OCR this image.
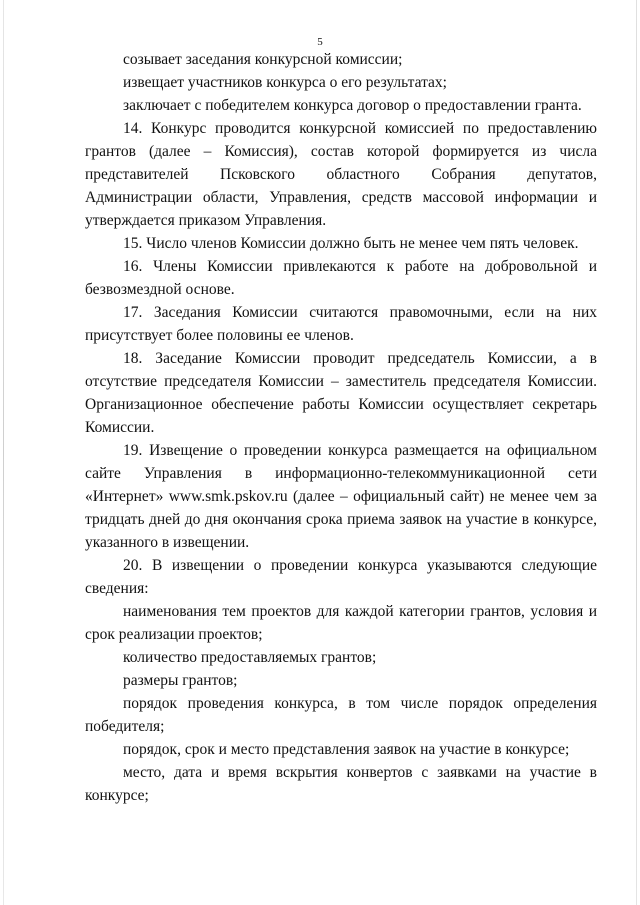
5

созывает заседания конкурсной комиссии;

извещает участников конкурса о его результатах;

заключает с победителем конкурса договор о предоставлении гранта.

14. Конкурс проводится конкурсной комиссией по предоставлению грантов (далее – Комиссия), состав которой формируется из числа представителей Псковского областного Собрания депутатов, Администрации области, Управления, средств массовой информации и утверждается приказом Управления.

15. Число членов Комиссии должно быть не менее чем пять человек.

16. Члены Комиссии привлекаются к работе на добровольной и безвозмездной основе.

17. Заседания Комиссии считаются правомочными, если на них присутствует более половины ее членов.

18. Заседание Комиссии проводит председатель Комиссии, а в отсутствие председателя Комиссии – заместитель председателя Комиссии. Организационное обеспечение работы Комиссии осуществляет секретарь Комиссии.

19. Извещение о проведении конкурса размещается на официальном сайте Управления в информационно-телекоммуникационной сети «Интернет» www.smk.pskov.ru (далее – официальный сайт) не менее чем за тридцать дней до дня окончания срока приема заявок на участие в конкурсе, указанного в извещении.

20. В извещении о проведении конкурса указываются следующие сведения:

наименования тем проектов для каждой категории грантов, условия и срок реализации проектов;

количество предоставляемых грантов;

размеры грантов;

порядок проведения конкурса, в том числе порядок определения победителя;

порядок, срок и место представления заявок на участие в конкурсе;

место, дата и время вскрытия конвертов с заявками на участие в конкурсе;
